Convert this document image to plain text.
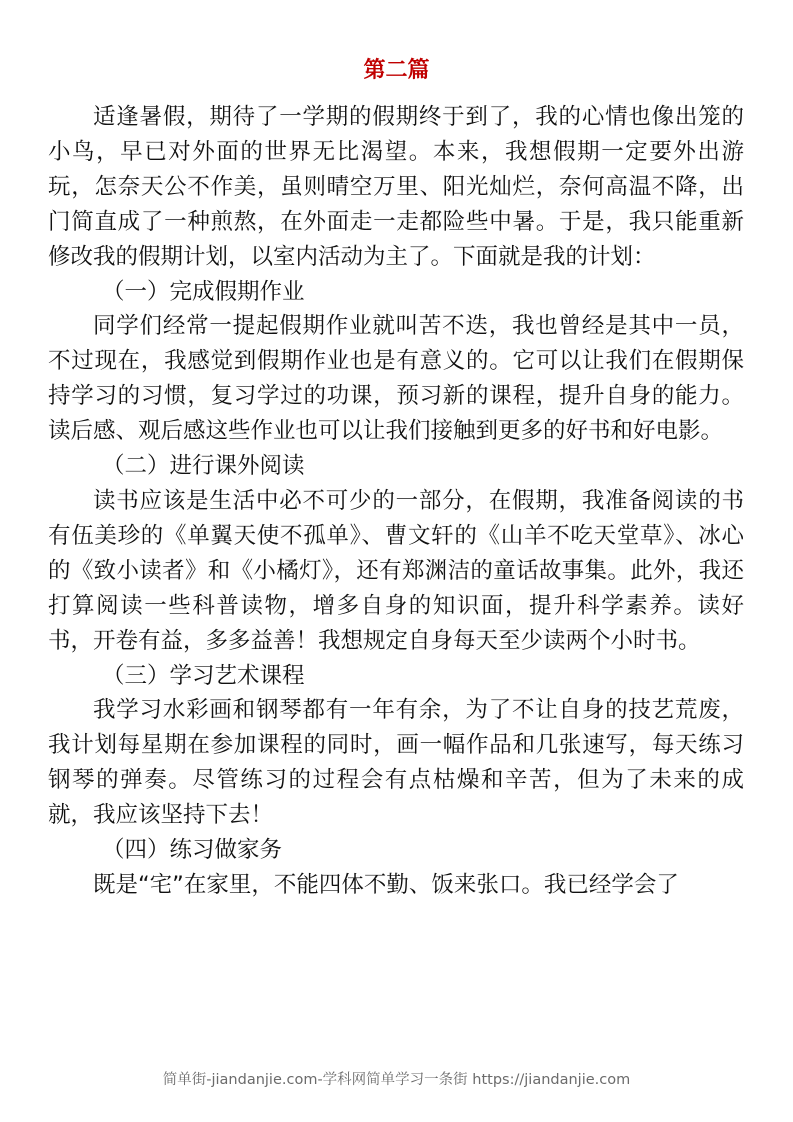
第二篇

适逢暑假，期待了一学期的假期终于到了，我的心情也像出笼的小鸟，早已对外面的世界无比渴望。本来，我想假期一定要外出游玩，怎奈天公不作美，虽则晴空万里、阳光灿烂，奈何高温不降，出门简直成了一种煎熬，在外面走一走都险些中暑。于是，我只能重新修改我的假期计划，以室内活动为主了。下面就是我的计划：

（一）完成假期作业

同学们经常一提起假期作业就叫苦不迭，我也曾经是其中一员，不过现在，我感觉到假期作业也是有意义的。它可以让我们在假期保持学习的习惯，复习学过的功课，预习新的课程，提升自身的能力。读后感、观后感这些作业也可以让我们接触到更多的好书和好电影。

（二）进行课外阅读

读书应该是生活中必不可少的一部分，在假期，我准备阅读的书有伍美珍的《单翼天使不孤单》、曹文轩的《山羊不吃天堂草》、冰心的《致小读者》和《小橘灯》，还有郑渊洁的童话故事集。此外，我还打算阅读一些科普读物，增多自身的知识面，提升科学素养。读好书，开卷有益，多多益善！我想规定自身每天至少读两个小时书。

（三）学习艺术课程

我学习水彩画和钢琴都有一年有余，为了不让自身的技艺荒废，我计划每星期在参加课程的同时，画一幅作品和几张速写，每天练习钢琴的弹奏。尽管练习的过程会有点枯燥和辛苦，但为了未来的成就，我应该坚持下去！

（四）练习做家务

既是“宅”在家里，不能四体不勤、饭来张口。我已经学会了

简单街-jiandanjie.com-学科网简单学习一条街 https://jiandanjie.com
